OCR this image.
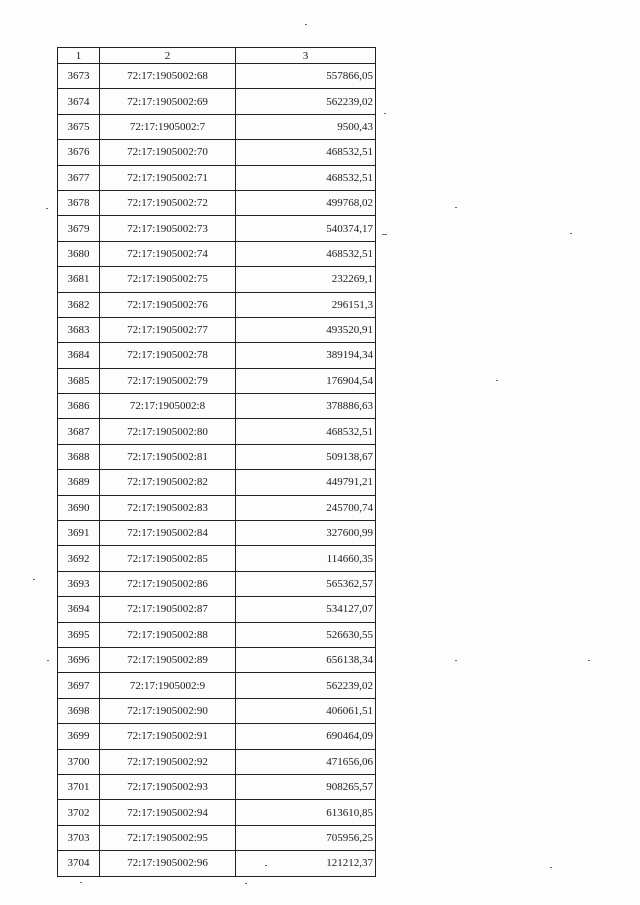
1	2	3
3673	72:17:1905002:68	557866,05
3674	72:17:1905002:69	562239,02
3675	72:17:1905002:7	9500,43
3676	72:17:1905002:70	468532,51
3677	72:17:1905002:71	468532,51
3678	72:17:1905002:72	499768,02
3679	72:17:1905002:73	540374,17
3680	72:17:1905002:74	468532,51
3681	72:17:1905002:75	232269,1
3682	72:17:1905002:76	296151,3
3683	72:17:1905002:77	493520,91
3684	72:17:1905002:78	389194,34
3685	72:17:1905002:79	176904,54
3686	72:17:1905002:8	378886,63
3687	72:17:1905002:80	468532,51
3688	72:17:1905002:81	509138,67
3689	72:17:1905002:82	449791,21
3690	72:17:1905002:83	245700,74
3691	72:17:1905002:84	327600,99
3692	72:17:1905002:85	114660,35
3693	72:17:1905002:86	565362,57
3694	72:17:1905002:87	534127,07
3695	72:17:1905002:88	526630,55
3696	72:17:1905002:89	656138,34
3697	72:17:1905002:9	562239,02
3698	72:17:1905002:90	406061,51
3699	72:17:1905002:91	690464,09
3700	72:17:1905002:92	471656,06
3701	72:17:1905002:93	908265,57
3702	72:17:1905002:94	613610,85
3703	72:17:1905002:95	705956,25
3704	72:17:1905002:96	121212,37
